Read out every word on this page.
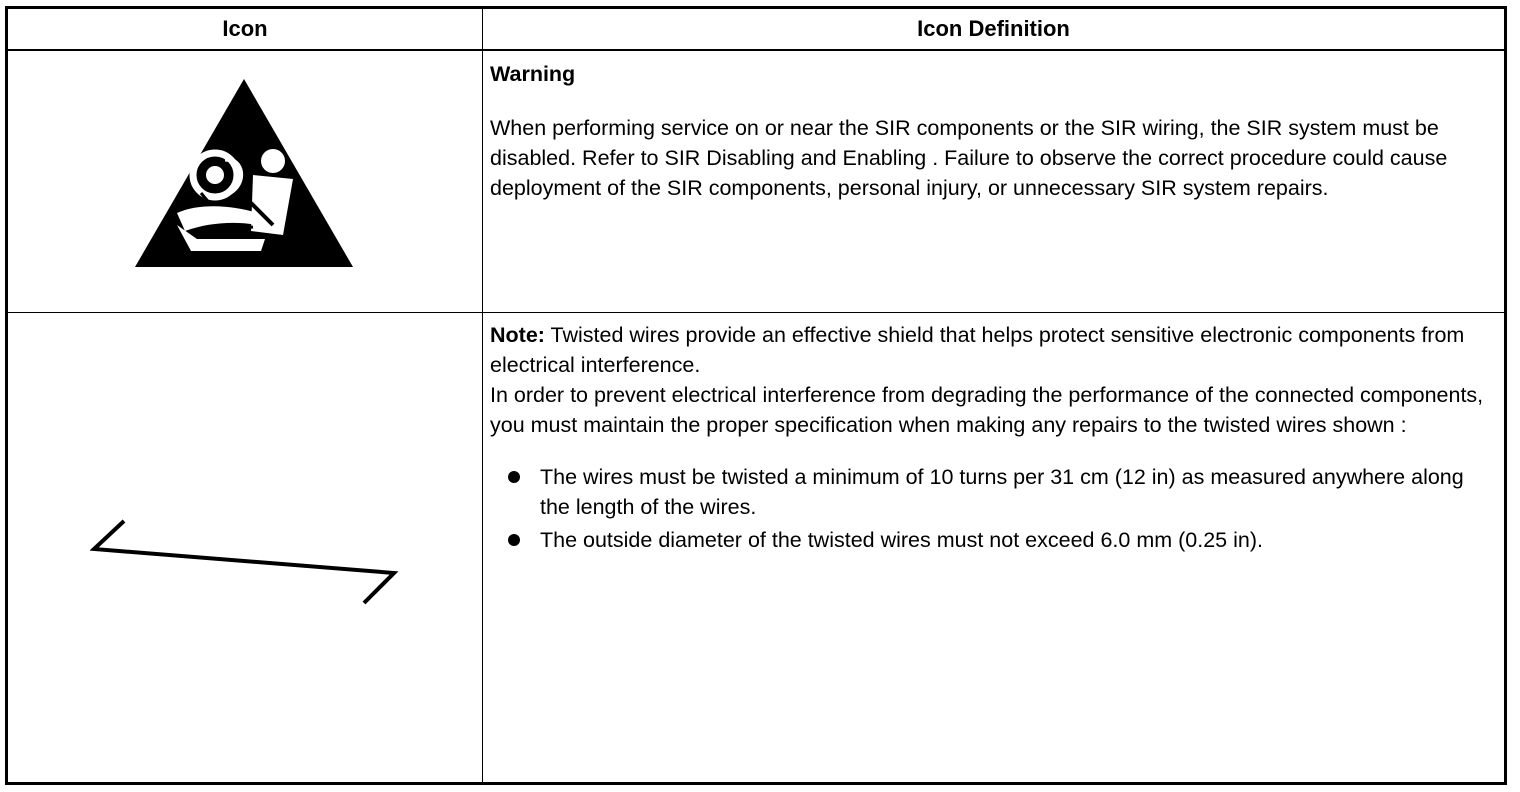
Icon	Icon Definition

Warning

When performing service on or near the SIR components or the SIR wiring, the SIR system must be disabled. Refer to SIR Disabling and Enabling . Failure to observe the correct procedure could cause deployment of the SIR components, personal injury, or unnecessary SIR system repairs.

Note: Twisted wires provide an effective shield that helps protect sensitive electronic components from electrical interference.

In order to prevent electrical interference from degrading the performance of the connected components, you must maintain the proper specification when making any repairs to the twisted wires shown :

The wires must be twisted a minimum of 10 turns per 31 cm (12 in) as measured anywhere along the length of the wires.
The outside diameter of the twisted wires must not exceed 6.0 mm (0.25 in).
